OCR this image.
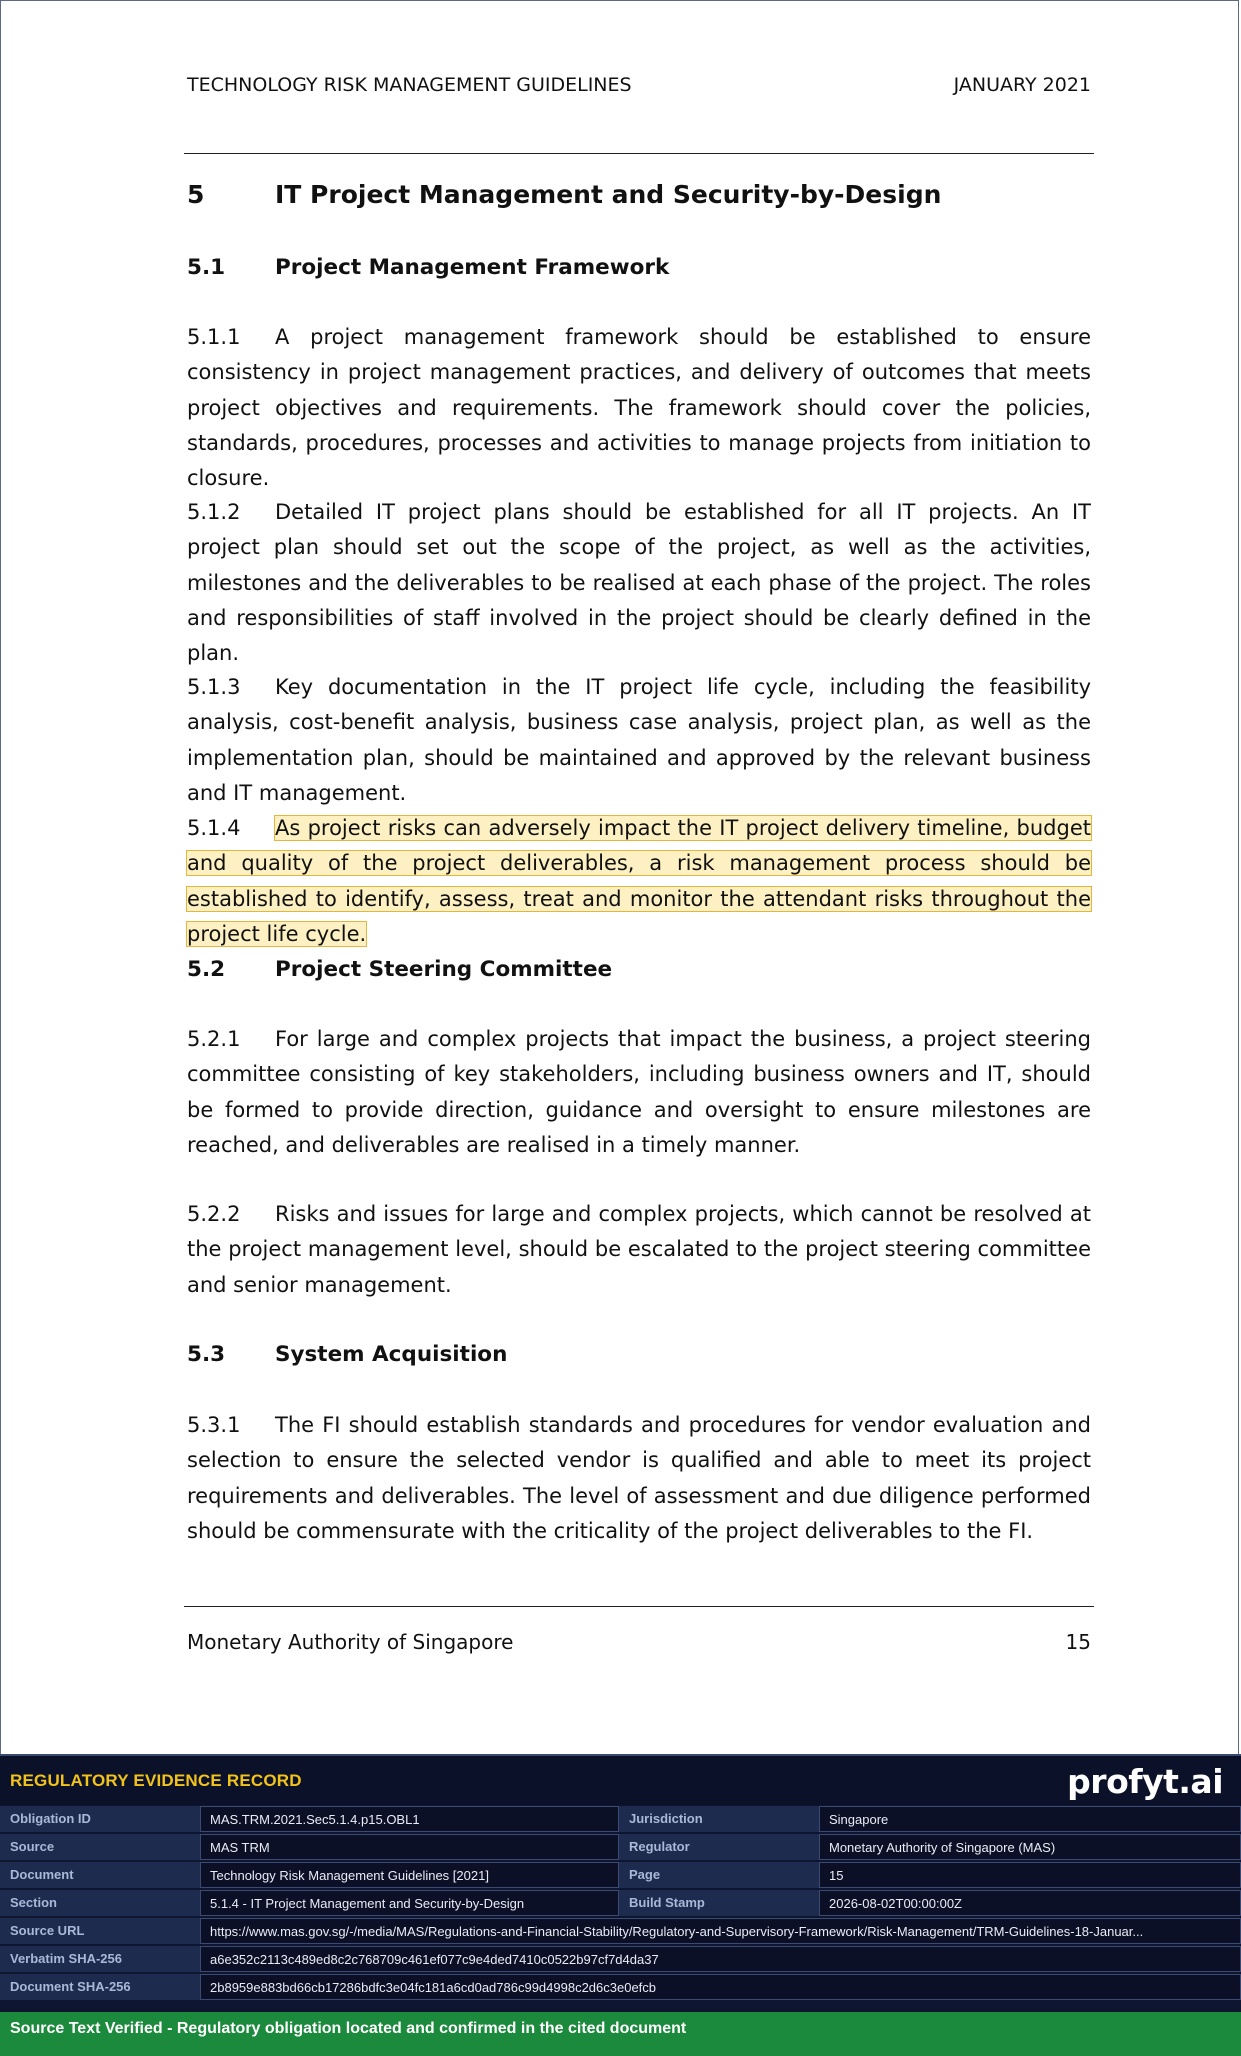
TECHNOLOGY RISK MANAGEMENT GUIDELINES	JANUARY 2021
5	IT Project Management and Security-by-Design
5.1	Project Management Framework
5.1.1 A project management framework should be established to ensure consistency in project management practices, and delivery of outcomes that meets project objectives and requirements. The framework should cover the policies, standards, procedures, processes and activities to manage projects from initiation to closure.
5.1.2 Detailed IT project plans should be established for all IT projects. An IT project plan should set out the scope of the project, as well as the activities, milestones and the deliverables to be realised at each phase of the project. The roles and responsibilities of staff involved in the project should be clearly defined in the plan.
5.1.3 Key documentation in the IT project life cycle, including the feasibility analysis, cost-benefit analysis, business case analysis, project plan, as well as the implementation plan, should be maintained and approved by the relevant business and IT management.
5.1.4 As project risks can adversely impact the IT project delivery timeline, budget and quality of the project deliverables, a risk management process should be established to identify, assess, treat and monitor the attendant risks throughout the project life cycle.
5.2	Project Steering Committee
5.2.1 For large and complex projects that impact the business, a project steering committee consisting of key stakeholders, including business owners and IT, should be formed to provide direction, guidance and oversight to ensure milestones are reached, and deliverables are realised in a timely manner.
5.2.2 Risks and issues for large and complex projects, which cannot be resolved at the project management level, should be escalated to the project steering committee and senior management.
5.3	System Acquisition
5.3.1 The FI should establish standards and procedures for vendor evaluation and selection to ensure the selected vendor is qualified and able to meet its project requirements and deliverables. The level of assessment and due diligence performed should be commensurate with the criticality of the project deliverables to the FI.
Monetary Authority of Singapore	15
REGULATORY EVIDENCE RECORD	profyt.ai
Obligation ID	MAS.TRM.2021.Sec5.1.4.p15.OBL1	Jurisdiction	Singapore
Source	MAS TRM	Regulator	Monetary Authority of Singapore (MAS)
Document	Technology Risk Management Guidelines [2021]	Page	15
Section	5.1.4 - IT Project Management and Security-by-Design	Build Stamp	2026-08-02T00:00:00Z
Source URL	https://www.mas.gov.sg/-/media/MAS/Regulations-and-Financial-Stability/Regulatory-and-Supervisory-Framework/Risk-Management/TRM-Guidelines-18-Januar...
Verbatim SHA-256	a6e352c2113c489ed8c2c768709c461ef077c9e4ded7410c0522b97cf7d4da37
Document SHA-256	2b8959e883bd66cb17286bdfc3e04fc181a6cd0ad786c99d4998c2d6c3e0efcb
Source Text Verified - Regulatory obligation located and confirmed in the cited document
